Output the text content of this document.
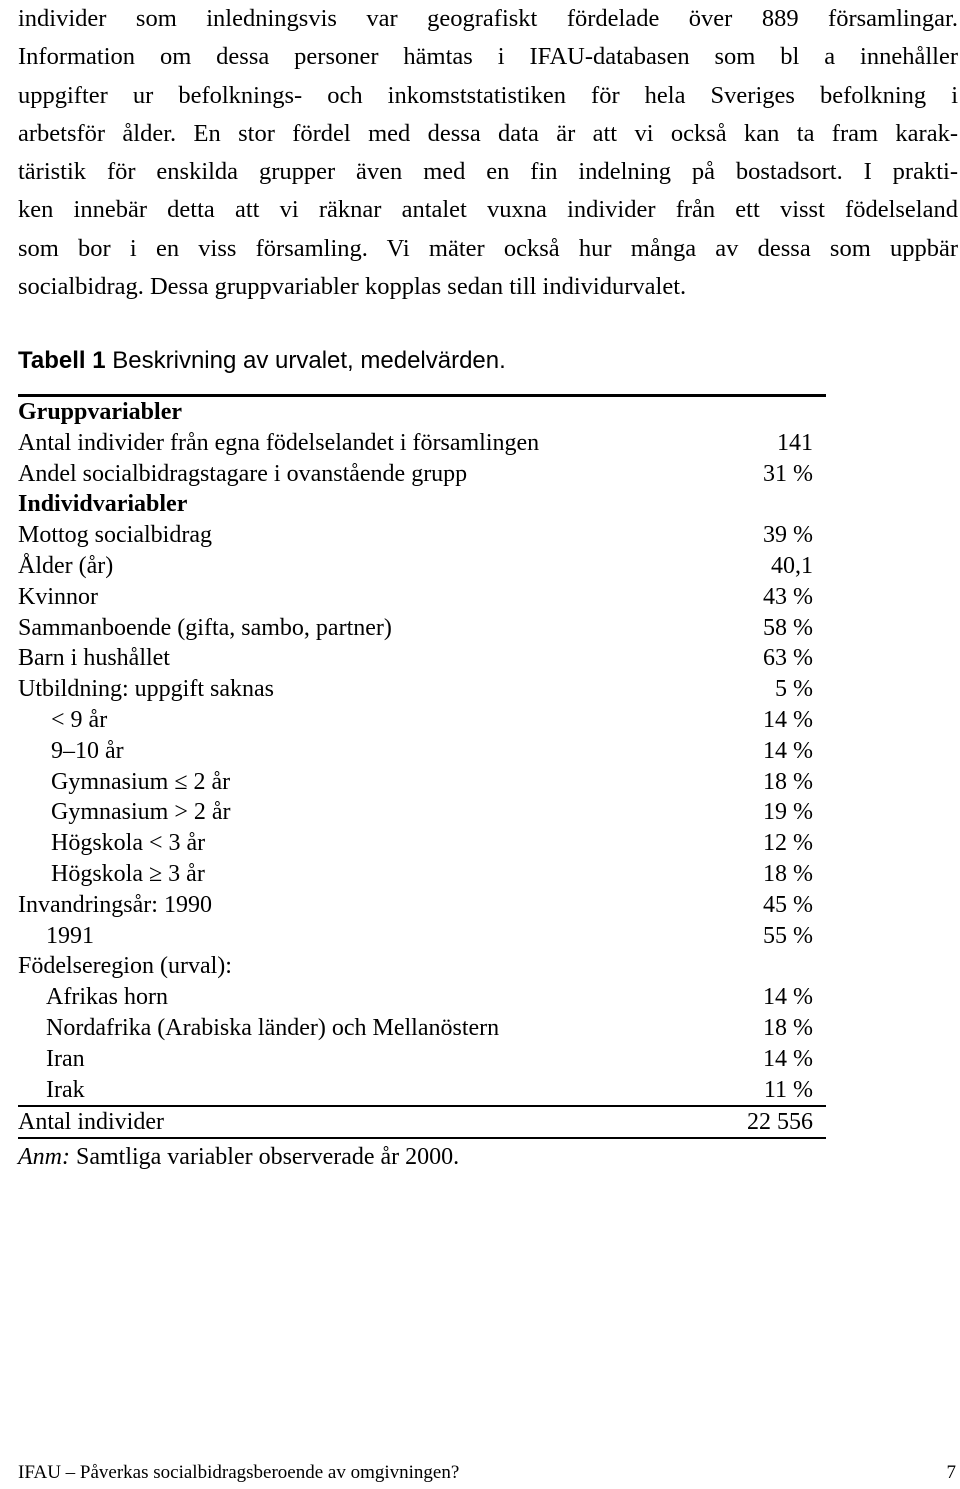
individer som inledningsvis var geografiskt fördelade över 889 församlingar.
Information om dessa personer hämtas i IFAU-databasen som bl a innehåller
uppgifter ur befolknings- och inkomststatistiken för hela Sveriges befolkning i
arbetsför ålder. En stor fördel med dessa data är att vi också kan ta fram karak-
täristik för enskilda grupper även med en fin indelning på bostadsort. I prakti-
ken innebär detta att vi räknar antalet vuxna individer från ett visst födelseland
som bor i en viss församling. Vi mäter också hur många av dessa som uppbär
socialbidrag. Dessa gruppvariabler kopplas sedan till individurvalet.
Tabell 1 Beskrivning av urvalet, medelvärden.
Gruppvariabler
Antal individer från egna födelselandet i församlingen	141
Andel socialbidragstagare i ovanstående grupp	31 %
Individvariabler
Mottog socialbidrag	39 %
Ålder (år)	40,1
Kvinnor	43 %
Sammanboende (gifta, sambo, partner)	58 %
Barn i hushållet	63 %
Utbildning: uppgift saknas	5 %
< 9 år	14 %
9–10 år	14 %
Gymnasium ≤ 2 år	18 %
Gymnasium > 2 år	19 %
Högskola < 3 år	12 %
Högskola ≥ 3 år	18 %
Invandringsår: 1990	45 %
1991	55 %
Födelseregion (urval):
Afrikas horn	14 %
Nordafrika (Arabiska länder) och Mellanöstern	18 %
Iran	14 %
Irak	11 %
Antal individer	22 556
Anm: Samtliga variabler observerade år 2000.
IFAU – Påverkas socialbidragsberoende av omgivningen?	7
